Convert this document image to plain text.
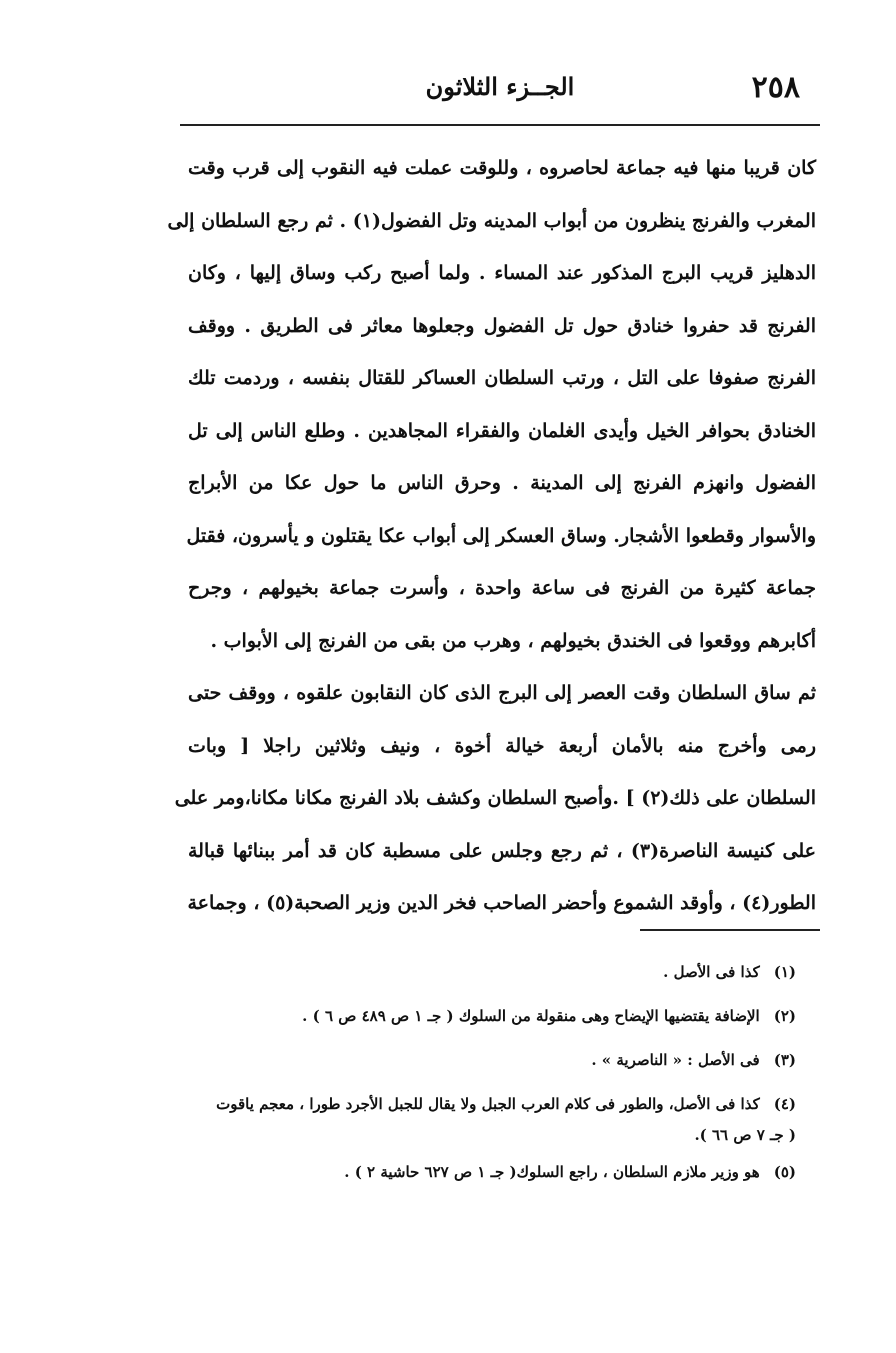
٢٥٨
الجــزء الثلاثون
كان قريبا منها فيه جماعة لحاصروه ، وللوقت عملت فيه النقوب إلى قرب وقت
المغرب والفرنج ينظرون من أبواب المدينه وتل الفضول(١) . ثم رجع السلطان إلى
الدهليز قريب البرج المذكور عند المساء . ولما أصبح ركب وساق إليها ، وكان
الفرنج قد حفروا خنادق حول تل الفضول وجعلوها معاثر فى الطريق . ووقف
الفرنج صفوفا على التل ، ورتب السلطان العساكر للقتال بنفسه ، وردمت تلك
الخنادق بحوافر الخيل وأيدى الغلمان والفقراء المجاهدين . وطلع الناس إلى تل
الفضول وانهزم الفرنج إلى المدينة . وحرق الناس ما حول عكا من الأبراج
والأسوار وقطعوا الأشجار. وساق العسكر إلى أبواب عكا يقتلون و يأسرون، فقتل
جماعة كثيرة من الفرنج فى ساعة واحدة ، وأسرت جماعة بخيولهم ، وجرح
أكابرهم ووقعوا فى الخندق بخيولهم ، وهرب من بقى من الفرنج إلى الأبواب .
ثم ساق السلطان وقت العصر إلى البرج الذى كان النقابون علقوه ، ووقف حتى
رمى وأخرج منه بالأمان أربعة خيالة أخوة ، ونيف وثلاثين راجلا [ وبات
السلطان على ذلك(٢) ] .وأصبح السلطان وكشف بلاد الفرنج مكانا مكانا،ومر على
على كنيسة الناصرة(٣) ، ثم رجع وجلس على مسطبة كان قد أمر ببنائها قبالة
الطور(٤) ، وأوقد الشموع وأحضر الصاحب فخر الدين وزير الصحبة(٥) ، وجماعة
(١)كذا فى الأصل .
(٢)الإضافة يقتضيها الإيضاح وهى منقولة من السلوك ( جـ ١ ص ٤٨٩ ص ٦ ) .
(٣)فى الأصل : « الناصرية » .
(٤)كذا فى الأصل، والطور فى كلام العرب الجبل ولا يقال للجبل الأجرد طورا ، معجم ياقوت
( جـ ٧ ص ٦٦ ).
(٥)هو وزير ملازم السلطان ، راجع السلوك( جـ ١ ص ٦٢٧ حاشية ٢ ) .
